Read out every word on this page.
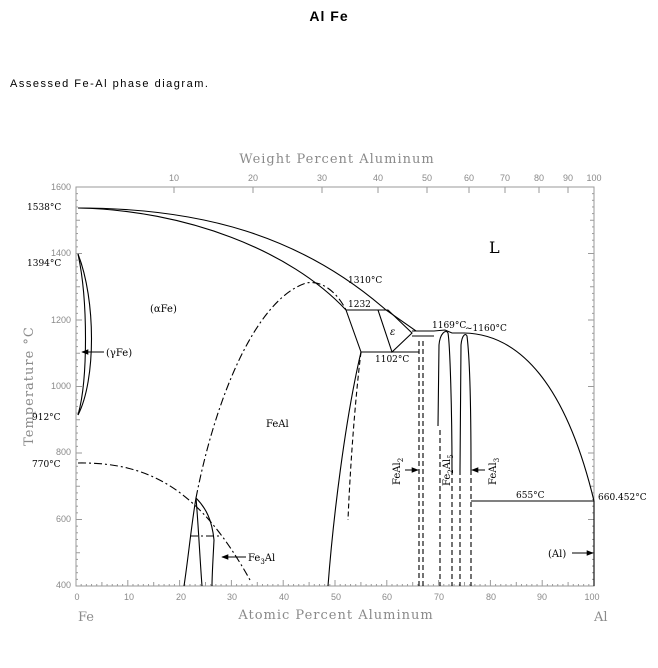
Al Fe
Assessed Fe-Al phase diagram.
Weight Percent Aluminum
10	20	30	40	50	60	70	80 90 100
0	10	20	30	40	50	60	70	80	90	100
Atomic Percent Aluminum
Fe	Al
Temperature °C
1600
1400
1200
1000
800
600
400
1538°C
1394°C
912°C
770°C
1310°C
1232
1102°C
1169°C
~1160°C
655°C	660.452°C
L
(αFe)
(γFe)
ε
FeAl
$Fe_3Al$
FeAl$_2$
$Fe_2Al_5$
FeAl$_3$
(Al)
